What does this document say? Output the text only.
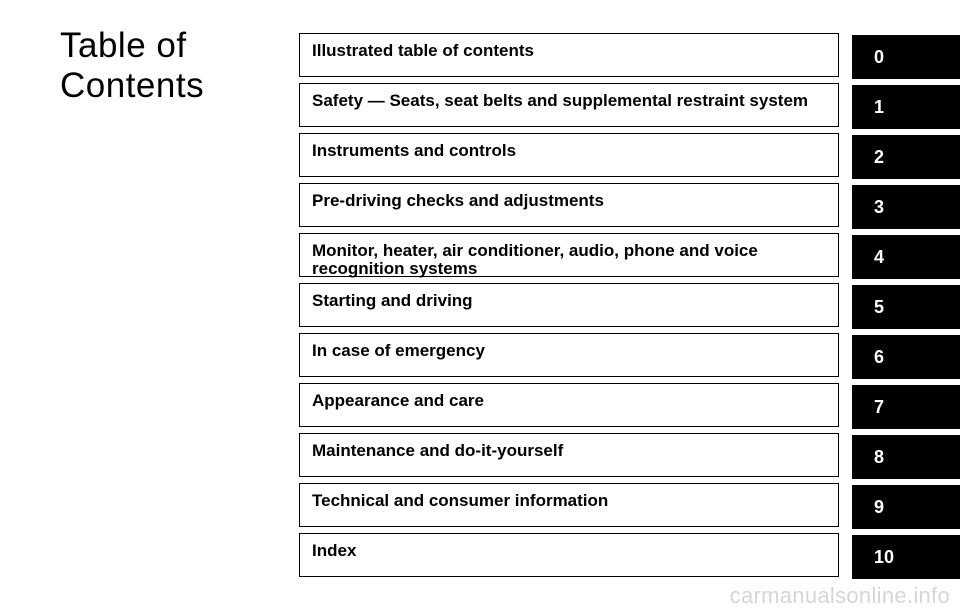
Table of
Contents
Illustrated table of contents
Safety — Seats, seat belts and supplemental restraint system
Instruments and controls
Pre-driving checks and adjustments
Monitor, heater, air conditioner, audio, phone and voice recognition systems
Starting and driving
In case of emergency
Appearance and care
Maintenance and do-it-yourself
Technical and consumer information
Index
0
1
2
3
4
5
6
7
8
9
10
carmanualsonline.info
